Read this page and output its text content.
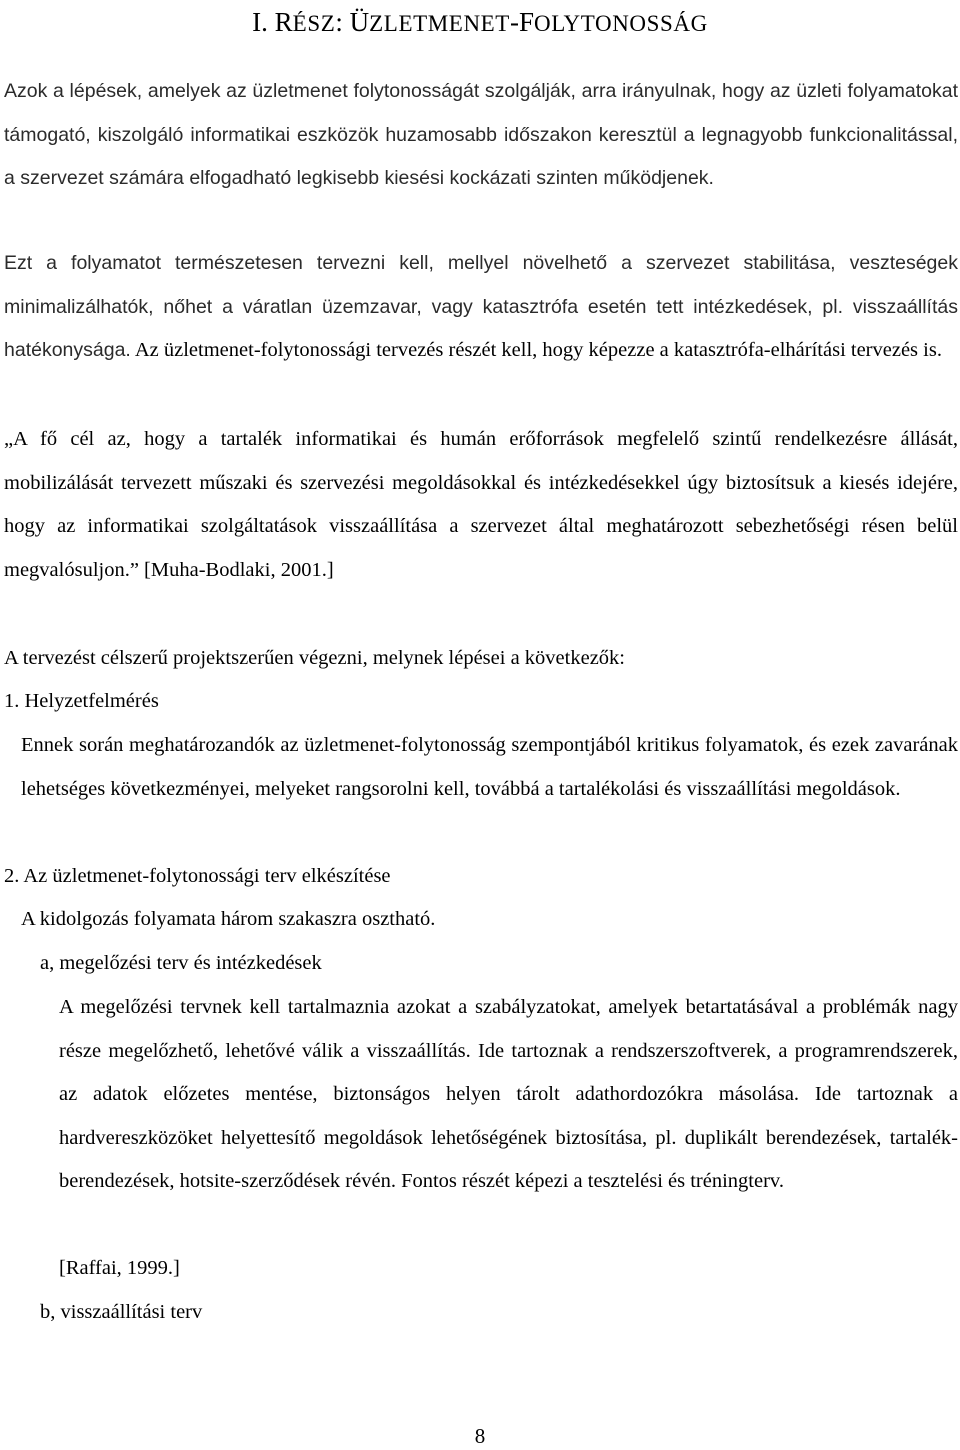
I. RÉSZ: ÜZLETMENET-FOLYTONOSSÁG

Azok a lépések, amelyek az üzletmenet folytonosságát szolgálják, arra irányulnak, hogy az üzleti folyamatokat támogató, kiszolgáló informatikai eszközök huzamosabb időszakon keresztül a legnagyobb funkcionalitással, a szervezet számára elfogadható legkisebb kiesési kockázati szinten működjenek.

Ezt a folyamatot természetesen tervezni kell, mellyel növelhető a szervezet stabilitása, veszteségek minimalizálhatók, nőhet a váratlan üzemzavar, vagy katasztrófa esetén tett intézkedések, pl. visszaállítás hatékonysága. Az üzletmenet-folytonossági tervezés részét kell, hogy képezze a katasztrófa-elhárítási tervezés is.

„A fő cél az, hogy a tartalék informatikai és humán erőforrások megfelelő szintű rendelkezésre állását, mobilizálását tervezett műszaki és szervezési megoldásokkal és intézkedésekkel úgy biztosítsuk a kiesés idejére, hogy az informatikai szolgáltatások visszaállítása a szervezet által meghatározott sebezhetőségi résen belül megvalósuljon.” [Muha-Bodlaki, 2001.]

A tervezést célszerű projektszerűen végezni, melynek lépései a következők:
1. Helyzetfelmérés

Ennek során meghatározandók az üzletmenet-folytonosság szempontjából kritikus folyamatok, és ezek zavarának lehetséges következményei, melyeket rangsorolni kell, továbbá a tartalékolási és visszaállítási megoldások.

2. Az üzletmenet-folytonossági terv elkészítése
A kidolgozás folyamata három szakaszra osztható.
a, megelőzési terv és intézkedések

A megelőzési tervnek kell tartalmaznia azokat a szabályzatokat, amelyek betartatásával a problémák nagy része megelőzhető, lehetővé válik a visszaállítás. Ide tartoznak a rendszerszoftverek, a programrendszerek, az adatok előzetes mentése, biztonságos helyen tárolt adathordozókra másolása. Ide tartoznak a hardvereszközöket helyettesítő megoldások lehetőségének biztosítása, pl. duplikált berendezések, tartalék-berendezések, hotsite-szerződések révén. Fontos részét képezi a tesztelési és tréningterv.

[Raffai, 1999.]
b, visszaállítási terv
8
